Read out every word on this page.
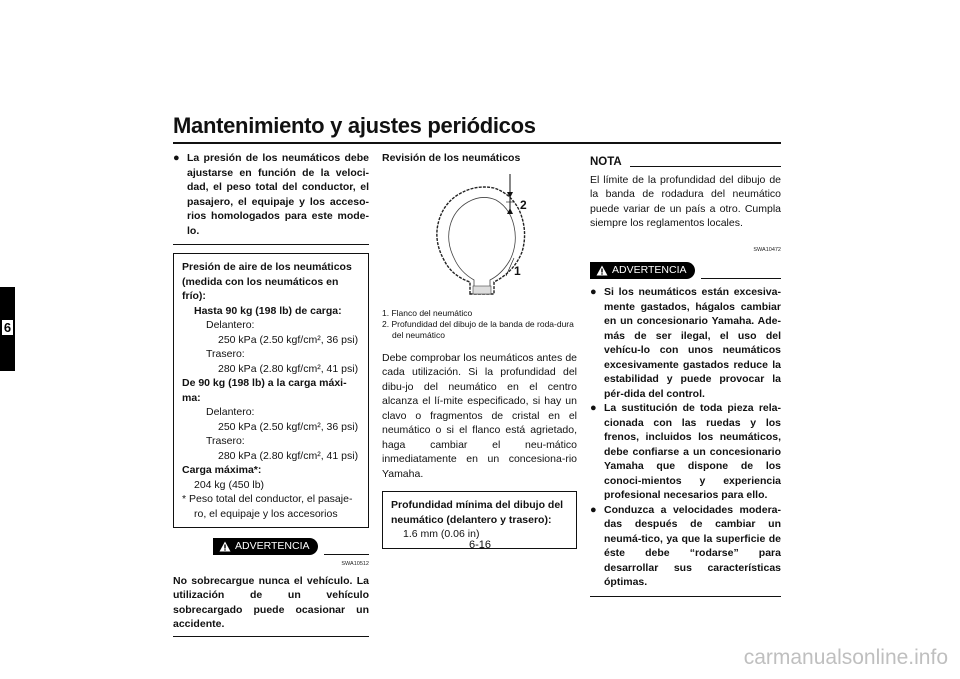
Mantenimiento y ajustes periódicos
6
● La presión de los neumáticos debe ajustarse en función de la veloci-dad, el peso total del conductor, el pasajero, el equipaje y los acceso-rios homologados para este mode-lo.
Presión de aire de los neumáticos (medida con los neumáticos en frío):
Hasta 90 kg (198 lb) de carga:
Delantero:
250 kPa (2.50 kgf/cm², 36 psi)
Trasero:
280 kPa (2.80 kgf/cm², 41 psi)
De 90 kg (198 lb) a la carga máxi-ma:
Delantero:
250 kPa (2.50 kgf/cm², 36 psi)
Trasero:
280 kPa (2.80 kgf/cm², 41 psi)
Carga máxima*:
204 kg (450 lb)
* Peso total del conductor, el pasaje-ro, el equipaje y los accesorios
ADVERTENCIA
SWA10512
No sobrecargue nunca el vehículo. La utilización de un vehículo sobrecargado puede ocasionar un accidente.
Revisión de los neumáticos
1
2
1. Flanco del neumático
2. Profundidad del dibujo de la banda de roda-dura del neumático
Debe comprobar los neumáticos antes de cada utilización. Si la profundidad del dibu-jo del neumático en el centro alcanza el lí-mite especificado, si hay un clavo o fragmentos de cristal en el neumático o si el flanco está agrietado, haga cambiar el neu-mático inmediatamente en un concesiona-rio Yamaha.
Profundidad mínima del dibujo del neumático (delantero y trasero):
1.6 mm (0.06 in)
NOTA
El límite de la profundidad del dibujo de la banda de rodadura del neumático puede variar de un país a otro. Cumpla siempre los reglamentos locales.
SWA10472
ADVERTENCIA
● Si los neumáticos están excesiva-mente gastados, hágalos cambiar en un concesionario Yamaha. Ade-más de ser ilegal, el uso del vehícu-lo con unos neumáticos excesivamente gastados reduce la estabilidad y puede provocar la pér-dida del control.
● La sustitución de toda pieza rela-cionada con las ruedas y los frenos, incluidos los neumáticos, debe confiarse a un concesionario Yamaha que dispone de los conoci-mientos y experiencia profesional necesarios para ello.
● Conduzca a velocidades modera-das después de cambiar un neumá-tico, ya que la superficie de éste debe “rodarse” para desarrollar sus características óptimas.
6-16
carmanualsonline.info
